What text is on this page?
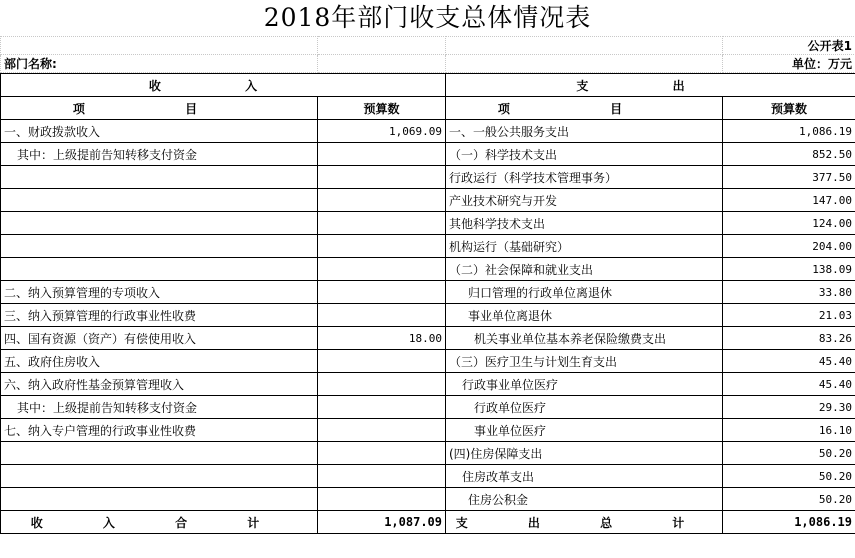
2018年部门收支总体情况表
			公开表1
部门名称:			单位：万元
收 入		支 出	
项 目	预算数	项 目	预算数
一、财政拨款收入	1,069.09	一、一般公共服务支出	1,086.19
其中：上级提前告知转移支付资金		（一）科学技术支出	852.50
		行政运行（科学技术管理事务）	377.50
		产业技术研究与开发	147.00
		其他科学技术支出	124.00
		机构运行（基础研究）	204.00
		（二）社会保障和就业支出	138.09
二、纳入预算管理的专项收入		归口管理的行政单位离退休	33.80
三、纳入预算管理的行政事业性收费		事业单位离退休	21.03
四、国有资源（资产）有偿使用收入	18.00	机关事业单位基本养老保险缴费支出	83.26
五、政府住房收入		（三）医疗卫生与计划生育支出	45.40
六、纳入政府性基金预算管理收入		行政事业单位医疗	45.40
其中：上级提前告知转移支付资金		行政单位医疗	29.30
七、纳入专户管理的行政事业性收费		事业单位医疗	16.10
		(四)住房保障支出	50.20
		住房改革支出	50.20
		住房公积金	50.20
收 入 合 计	1,087.09	支 出 总 计	1,086.19
